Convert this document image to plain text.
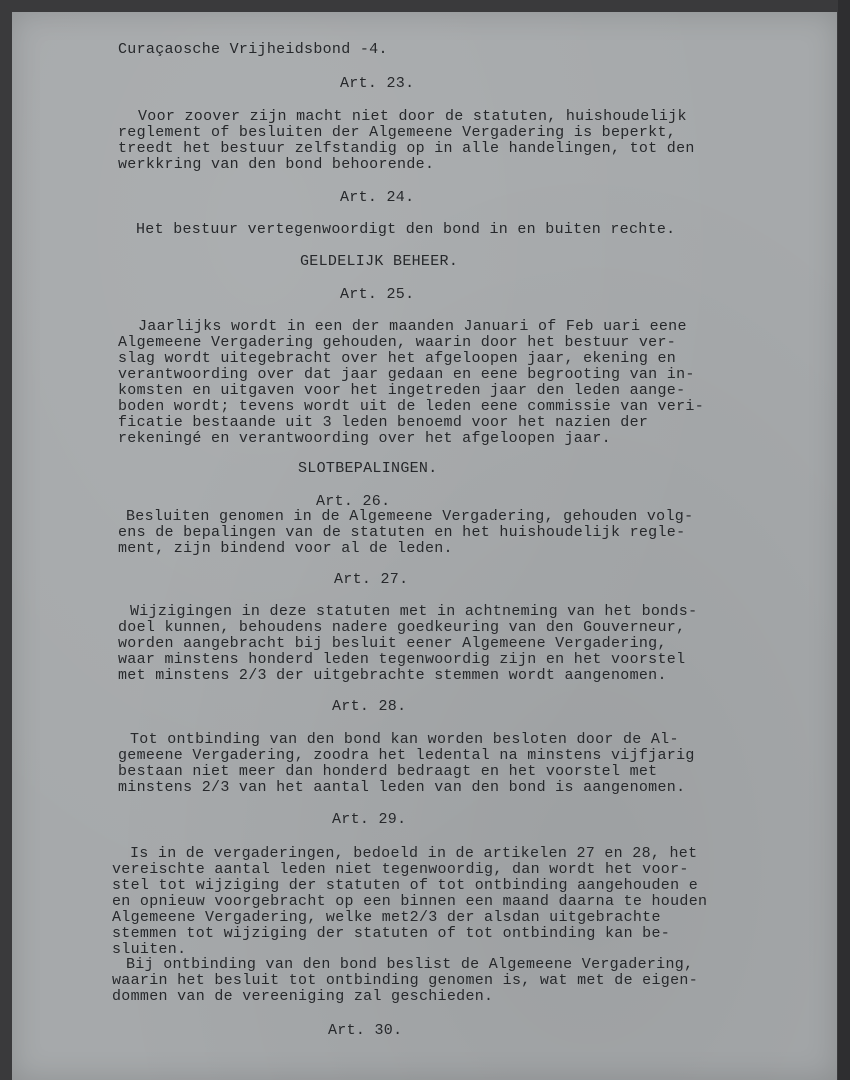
Curaçaosche Vrijheidsbond -4.
Art. 23.
Voor zoover zijn macht niet door de statuten, huishoudelijk
reglement of besluiten der Algemeene Vergadering is beperkt,
treedt het bestuur zelfstandig op in alle handelingen, tot den
werkkring van den bond behoorende.
Art. 24.
Het bestuur vertegenwoordigt den bond in en buiten rechte.
GELDELIJK BEHEER.
Art. 25.
Jaarlijks wordt in een der maanden Januari of Feb uari eene
Algemeene Vergadering gehouden, waarin door het bestuur ver-
slag wordt uitegebracht over het afgeloopen jaar, ekening en
verantwoording over dat jaar gedaan en eene begrooting van in-
komsten en uitgaven voor het ingetreden jaar den leden aange-
boden wordt; tevens wordt uit de leden eene commissie van veri-
ficatie bestaande uit 3 leden benoemd voor het nazien der
rekeningé en verantwoording over het afgeloopen jaar.
SLOTBEPALINGEN.
Art. 26.
Besluiten genomen in de Algemeene Vergadering, gehouden volg-
ens de bepalingen van de statuten en het huishoudelijk regle-
ment, zijn bindend voor al de leden.
Art. 27.
Wijzigingen in deze statuten met in achtneming van het bonds-
doel kunnen, behoudens nadere goedkeuring van den Gouverneur,
worden aangebracht bij besluit eener Algemeene Vergadering,
waar minstens honderd leden tegenwoordig zijn en het voorstel
met minstens 2/3 der uitgebrachte stemmen wordt aangenomen.
Art. 28.
Tot ontbinding van den bond kan worden besloten door de Al-
gemeene Vergadering, zoodra het ledental na minstens vijfjarig
bestaan niet meer dan honderd bedraagt en het voorstel met
minstens 2/3 van het aantal leden van den bond is aangenomen.
Art. 29.
Is in de vergaderingen, bedoeld in de artikelen 27 en 28, het
vereischte aantal leden niet tegenwoordig, dan wordt het voor-
stel tot wijziging der statuten of tot ontbinding aangehouden e
en opnieuw voorgebracht op een binnen een maand daarna te houden
Algemeene Vergadering, welke met2/3 der alsdan uitgebrachte
stemmen tot wijziging der statuten of tot ontbinding kan be-
sluiten.
Bij ontbinding van den bond beslist de Algemeene Vergadering,
waarin het besluit tot ontbinding genomen is, wat met de eigen-
dommen van de vereeniging zal geschieden.
Art. 30.
